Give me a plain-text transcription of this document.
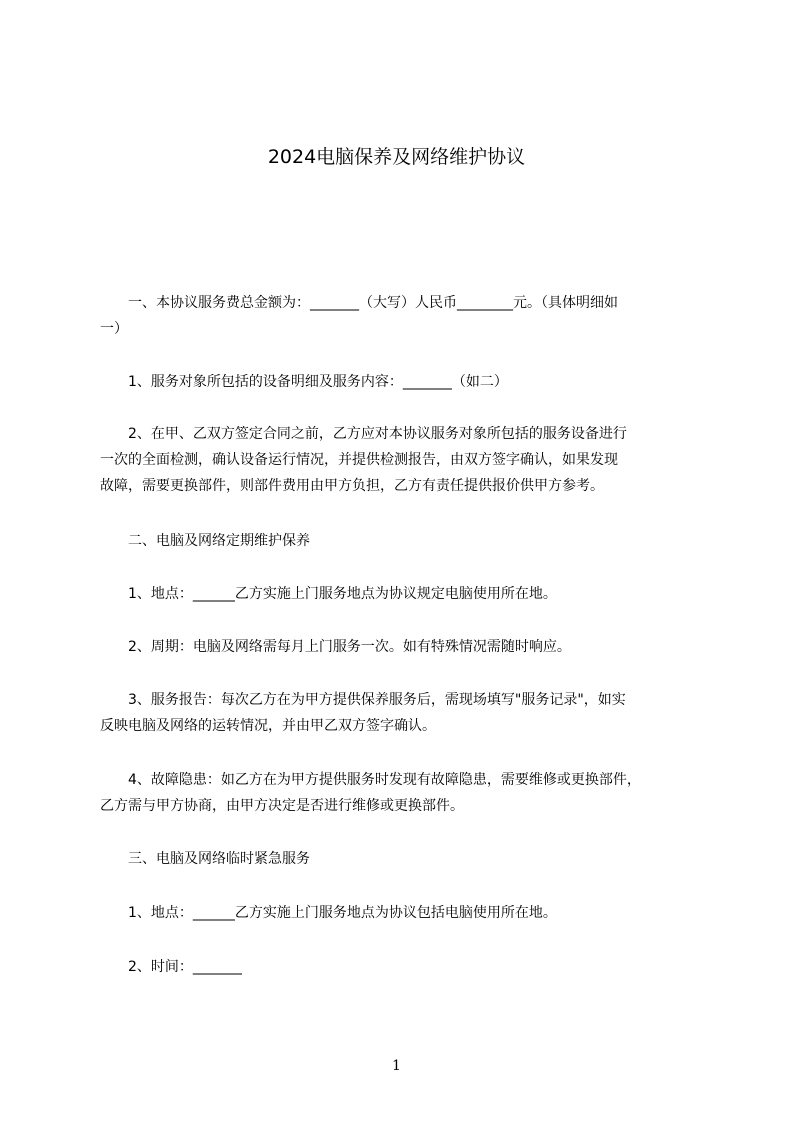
2024电脑保养及网络维护协议
　　一、本协议服务费总金额为：_______（大写）人民币________元。（具体明细如
一）
　　1、服务对象所包括的设备明细及服务内容：_______（如二）
　　2、在甲、乙双方签定合同之前，乙方应对本协议服务对象所包括的服务设备进行
一次的全面检测，确认设备运行情况，并提供检测报告，由双方签字确认，如果发现
故障，需要更换部件，则部件费用由甲方负担，乙方有责任提供报价供甲方参考。
　　二、电脑及网络定期维护保养
　　1、地点：______乙方实施上门服务地点为协议规定电脑使用所在地。
　　2、周期：电脑及网络需每月上门服务一次。如有特殊情况需随时响应。
　　3、服务报告：每次乙方在为甲方提供保养服务后，需现场填写"服务记录"，如实
反映电脑及网络的运转情况，并由甲乙双方签字确认。
　　4、故障隐患：如乙方在为甲方提供服务时发现有故障隐患，需要维修或更换部件，
乙方需与甲方协商，由甲方决定是否进行维修或更换部件。
　　三、电脑及网络临时紧急服务
　　1、地点：______乙方实施上门服务地点为协议包括电脑使用所在地。
　　2、时间：_______
1
